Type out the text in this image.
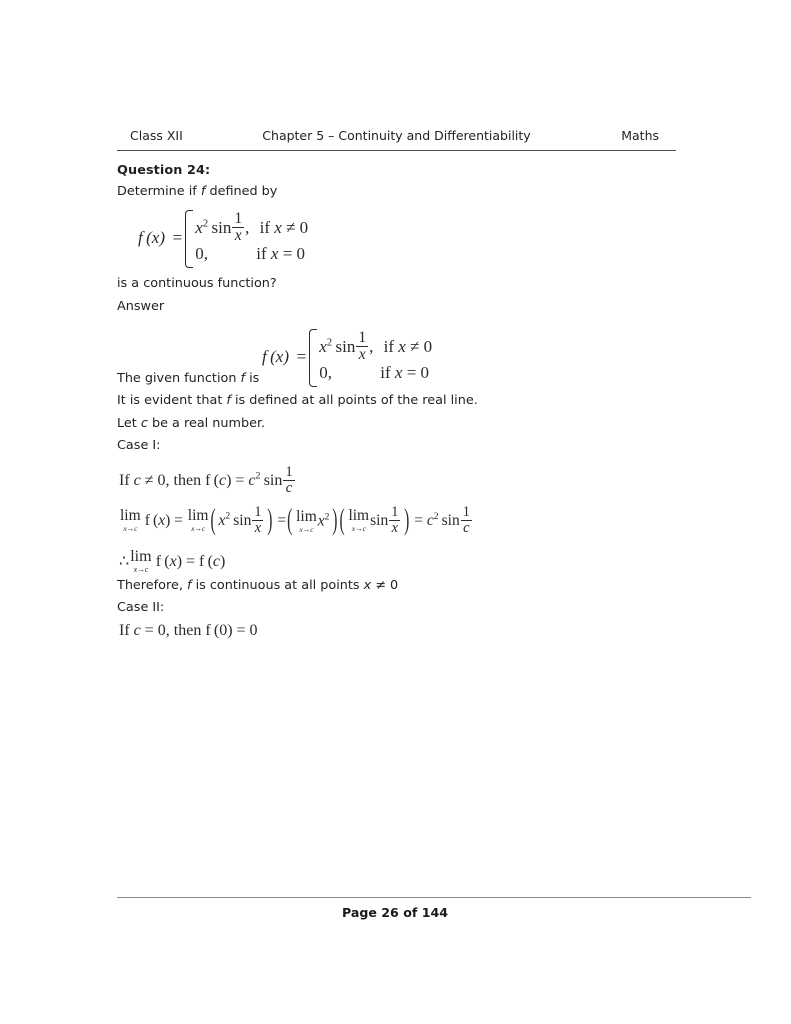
Class XII	Chapter 5 – Continuity and Differentiability	Maths
Question 24:
Determine if f defined by
f (x)  =
$x^2$ $\sin \frac{1}{x}$ , if x ≠ 0
0,	if x = 0
is a continuous function?
Answer
f (x)  =
$x^2$ $\sin \frac{1}{x}$ , if x ≠ 0
0,	if x = 0
The given function f is
It is evident that f is defined at all points of the real line.
Let c be a real number.
Case I:
If c ≠ 0, then f $(c) = c^2$ $\sin \frac{1}{c}$
lim
x→c  f (x) = lim
x→c ( $x^2$ $\sin \frac{1}{x}$
) = ( lim
x→c $x^2$ ) ( lim
x→c $\sin \frac{1}{x}$
) = $c^2$ $\sin \frac{1}{c}$
∴ lim
x→c  f (x) = f (c)
Therefore, f is continuous at all points x ≠ 0
Case II:
If c = 0, then f (0) = 0
Page 26 of 144
